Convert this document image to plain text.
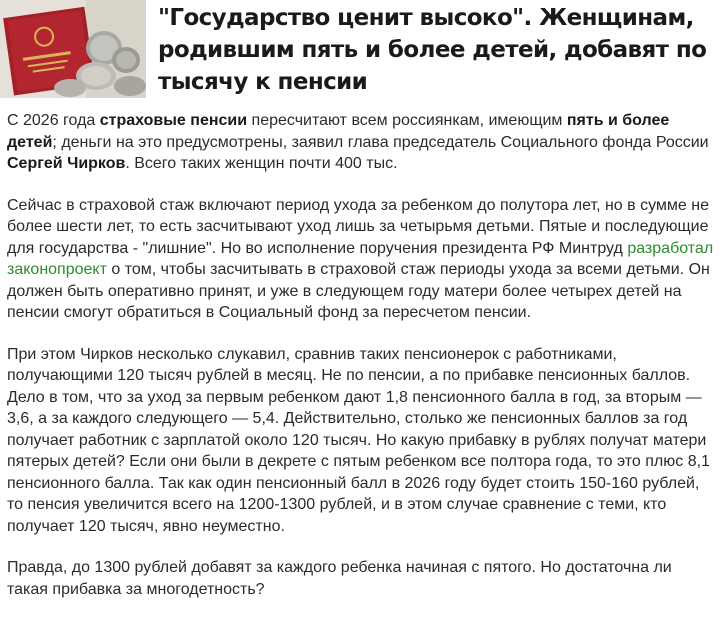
"Государство ценит высоко". Женщинам, родившим пять и более детей, добавят по тысячу к пенсии

С 2026 года страховые пенсии пересчитают всем россиянкам, имеющим пять и более детей; деньги на это предусмотрены, заявил глава председатель Социального фонда России Сергей Чирков. Всего таких женщин почти 400 тыс.

Сейчас в страховой стаж включают период ухода за ребенком до полутора лет, но в сумме не более шести лет, то есть засчитывают уход лишь за четырьмя детьми. Пятые и последующие для государства - "лишние". Но во исполнение поручения президента РФ Минтруд разработал законопроект о том, чтобы засчитывать в страховой стаж периоды ухода за всеми детьми. Он должен быть оперативно принят, и уже в следующем году матери более четырех детей на пенсии смогут обратиться в Социальный фонд за пересчетом пенсии.

При этом Чирков несколько слукавил, сравнив таких пенсионерок с работниками, получающими 120 тысяч рублей в месяц. Не по пенсии, а по прибавке пенсионных баллов. Дело в том, что за уход за первым ребенком дают 1,8 пенсионного балла в год, за вторым — 3,6, а за каждого следующего — 5,4. Действительно, столько же пенсионных баллов за год получает работник с зарплатой около 120 тысяч. Но какую прибавку в рублях получат матери пятерых детей? Если они были в декрете с пятым ребенком все полтора года, то это плюс 8,1 пенсионного балла. Так как один пенсионный балл в 2026 году будет стоить 150-160 рублей, то пенсия увеличится всего на 1200-1300 рублей, и в этом случае сравнение с теми, кто получает 120 тысяч, явно неуместно.

Правда, до 1300 рублей добавят за каждого ребенка начиная с пятого. Но достаточна ли такая прибавка за многодетность?
